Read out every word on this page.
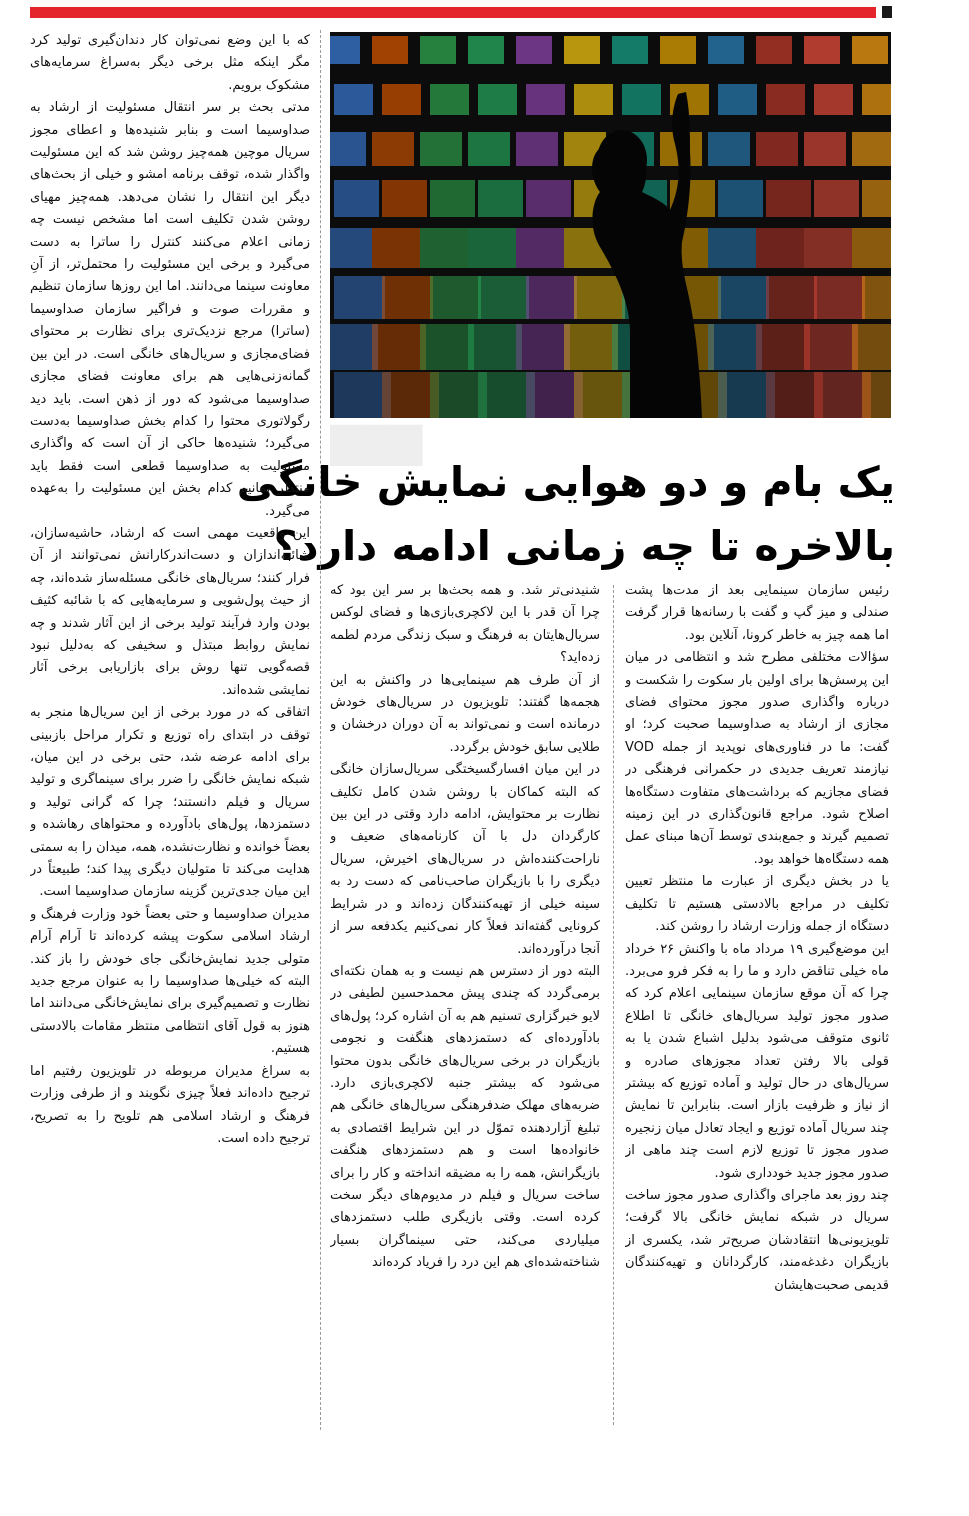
▇▇▇
یک بام و دو هوایی نمایش خانگی
بالاخره تا چه زمانی ادامه دارد؟

که با این وضع نمی‌توان کار دندان‌گیری تولید کرد مگر اینکه مثل برخی دیگر به‌سراغ سرمایه‌های مشکوک برویم.

مدتی بحث بر سر انتقال مسئولیت از ارشاد به صداوسیما است و بنابر شنیده‌ها و اعطای مجوز سریال موچین همه‌چیز روشن شد که این مسئولیت واگذار شده، توقف برنامه امشو و خیلی از بحث‌های دیگر این انتقال را نشان می‌دهد. همه‌چیز مهیای روشن شدن تکلیف است اما مشخص نیست چه زمانی اعلام می‌کنند کنترل را ساترا به دست می‌گیرد و برخی این مسئولیت را محتمل‌تر، از آنِ معاونت سینما می‌دانند. اما این روزها سازمان تنظیم و مقررات صوت و فراگیر سازمان صداوسیما (ساترا) مرجع نزدیک‌تری برای نظارت بر محتوای فضای‌مجازی و سریال‌های خانگی است. در این بین گمانه‌زنی‌هایی هم برای معاونت فضای مجازی صداوسیما می‌شود که دور از ذهن است. باید دید رگولاتوری محتوا را کدام بخش صداوسیما به‌دست می‌گیرد؛ شنیده‌ها حاکی از آن است که واگذاری مسئولیت به صداوسیما قطعی است فقط باید منتظر بمانیم کدام بخش این مسئولیت را به‌عهده می‌گیرد.

این واقعیت مهمی است که ارشاد، حاشیه‌سازان، شائبه‌اندازان و دست‌اندرکارانش نمی‌توانند از آن فرار کنند؛ سریال‌های خانگی مسئله‌ساز شده‌اند، چه از حیث پول‌شویی و سرمایه‌هایی که با شائبه کثیف بودن وارد فرآیند تولید برخی از این آثار شدند و چه نمایش روابط مبتذل و سخیفی که به‌دلیل نبود قصه‌گویی تنها روش برای بازاریابی برخی آثار نمایشی شده‌اند.

اتفاقی که در مورد برخی از این سریال‌ها منجر به توقف در ابتدای راه توزیع و تکرار مراحل بازبینی برای ادامه عرضه شد، حتی برخی در این میان، شبکه نمایش خانگی را ضرر برای سینماگری و تولید سریال و فیلم دانستند؛ چرا که گرانی تولید و دستمزدها، پول‌های بادآورده و محتواهای رهاشده و بعضاً خوانده و نظارت‌نشده، همه، میدان را به سمتی هدایت می‌کند تا متولیان دیگری پیدا کند؛ طبیعتاً در این میان جدی‌ترین گزینه سازمان صداوسیما است.

مدیران صداوسیما و حتی بعضاً خود وزارت فرهنگ و ارشاد اسلامی سکوت پیشه کرده‌اند تا آرام آرام متولی جدید نمایش‌خانگی جای خودش را باز کند. البته که خیلی‌ها صداوسیما را به عنوان مرجع جدید نظارت و تصمیم‌گیری برای نمایش‌خانگی می‌دانند اما هنوز به قول آقای انتظامی منتظر مقامات بالادستی هستیم.

به سراغ مدیران مربوطه در تلویزیون رفتیم اما ترجیح داده‌اند فعلاً چیزی نگویند و از طرفی وزارت فرهنگ و ارشاد اسلامی هم تلویح را به تصریح، ترجیح داده است.

شنیدنی‌تر شد. و همه بحث‌ها بر سر این بود که چرا آن قدر با این لاکچری‌بازی‌ها و فضای لوکس سریال‌هایتان به فرهنگ و سبک زندگی مردم لطمه زده‌اید؟

از آن طرف هم سینمایی‌ها در واکنش به این هجمه‌ها گفتند: تلویزیون در سریال‌های خودش درمانده است و نمی‌تواند به آن دوران درخشان و طلایی سابق خودش برگردد.

در این میان افسارگسیختگی سریال‌سازان خانگی که البته کماکان با روشن شدن کامل تکلیف نظارت بر محتوایش، ادامه دارد وقتی در این بین کارگردان دل با آن کارنامه‌های ضعیف و ناراحت‌کننده‌اش در سریال‌های اخیرش، سریال دیگری را با بازیگران صاحب‌نامی که دست رد به سینه خیلی از تهیه‌کنندگان زده‌اند و در شرایط کرونایی گفته‌اند فعلاً کار نمی‌کنیم یکدفعه سر از آنجا درآورده‌اند.

البته دور از دسترس هم نیست و به همان نکته‌ای برمی‌گردد که چندی پیش محمدحسین لطیفی در لایو خبرگزاری تسنیم هم به آن اشاره کرد؛ پول‌های بادآورده‌ای که دستمزدهای هنگفت و نجومی بازیگران در برخی سریال‌های خانگی بدون محتوا می‌شود که بیشتر جنبه لاکچری‌بازی دارد. ضربه‌های مهلک ضدفرهنگی سریال‌های خانگی هم تبلیغ آزاردهنده تموّل در این شرایط اقتصادی به خانواده‌ها است و هم دستمزدهای هنگفت بازیگرانش، همه را به مضیقه انداخته و کار را برای ساخت سریال و فیلم در مدیوم‌های دیگر سخت کرده است. وقتی بازیگری طلب دستمزدهای میلیاردی می‌کند، حتی سینماگران بسیار شناخته‌شده‌ای هم این درد را فریاد کرده‌اند

رئیس سازمان سینمایی بعد از مدت‌ها پشت صندلی و میز گپ و گفت با رسانه‌ها قرار گرفت اما همه چیز به خاطر کرونا، آنلاین بود.

سؤالات مختلفی مطرح شد و انتظامی در میان این پرسش‌ها برای اولین بار سکوت را شکست و درباره واگذاری صدور مجوز محتوای فضای مجازی از ارشاد به صداوسیما صحبت کرد؛ او گفت: ما در فناوری‌های نوپدید از جمله VOD نیازمند تعریف جدیدی در حکمرانی فرهنگی در فضای مجازیم که برداشت‌های متفاوت دستگاه‌ها اصلاح شود. مراجع قانون‌گذاری در این زمینه تصمیم گیرند و جمع‌بندی توسط آن‌ها مبنای عمل همه دستگاه‌ها خواهد بود.

یا در بخش دیگری از عبارت ما منتظر تعیین تکلیف در مراجع بالادستی هستیم تا تکلیف دستگاه از جمله وزارت ارشاد را روشن کند.

این موضع‌گیری ۱۹ مرداد ماه با واکنش ۲۶ خرداد ماه خیلی تناقض دارد و ما را به فکر فرو می‌برد. چرا که آن موقع سازمان سینمایی اعلام کرد که صدور مجوز تولید سریال‌های خانگی تا اطلاع ثانوی متوقف می‌شود بدلیل اشباع شدن یا به قولی بالا رفتن تعداد مجوزهای صادره و سریال‌های در حال تولید و آماده توزیع که بیشتر از نیاز و ظرفیت بازار است. بنابراین تا نمایش چند سریال آماده توزیع و ایجاد تعادل میان زنجیره صدور مجوز تا توزیع لازم است چند ماهی از صدور مجوز جدید خودداری شود.

چند روز بعد ماجرای واگذاری صدور مجوز ساخت سریال در شبکه نمایش خانگی بالا گرفت؛ تلویزیونی‌ها انتقادشان صریح‌تر شد، یکسری از بازیگران دغدغه‌مند، کارگردانان و تهیه‌کنندگان قدیمی صحبت‌هایشان
